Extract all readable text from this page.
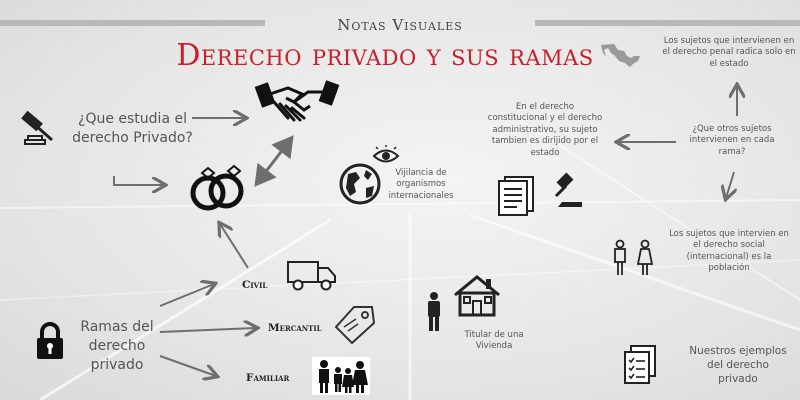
Notas Visuales
Derecho privado y sus ramas
¿Que estudia el derecho Privado?
Ramas del derecho privado
Vijilancia de organismos internacionales
Civil
Mercantil
Familiar
Titular de una Vivienda
En el derecho constitucional y el derecho administrativo, su sujeto tambien es dirijido por el estado
Los sujetos que intervienen en el derecho penal radica solo en el estado
¿Que otros sujetos intervienen en cada rama?
Los sujetos que intervien en el derecho social (internacional) es la población
Nuestros ejemplos del derecho privado
